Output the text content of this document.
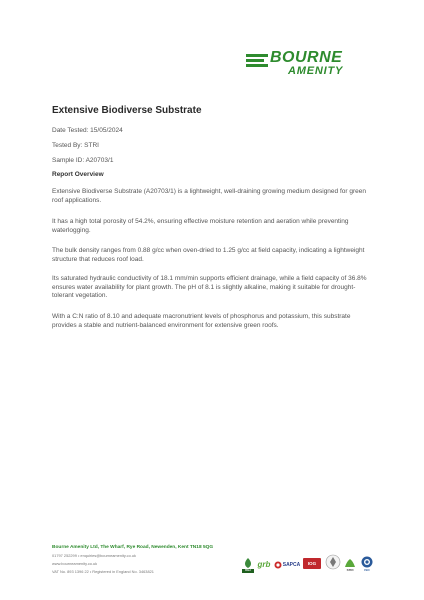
BOURNE
AMENITY
Extensive Biodiverse Substrate
Date Tested: 15/05/2024
Tested By: STRI
Sample ID: A20703/1
Report Overview

Extensive Biodiverse Substrate (A20703/1) is a lightweight, well-draining growing medium designed for green roof applications.

It has a high total porosity of 54.2%, ensuring effective moisture retention and aeration while preventing waterlogging.

The bulk density ranges from 0.88 g/cc when oven-dried to 1.25 g/cc at field capacity, indicating a lightweight structure that reduces roof load.

Its saturated hydraulic conductivity of 18.1 mm/min supports efficient drainage, while a field capacity of 36.8% ensures water availability for plant growth. The pH of 8.1 is slightly alkaline, making it suitable for drought-tolerant vegetation.

With a C:N ratio of 8.10 and adequate macronutrient levels of phosphorus and potassium, this substrate provides a stable and nutrient-balanced environment for extensive green roofs.

Bourne Amenity Ltd, The Wharf, Rye Road, Newenden, Kent TN18 5QG
01797 252299 • enquiries@bourneamenity.co.uk
www.bourneamenity.co.uk
VAT No. 893 1396 22 • Registered in England No. 3463821	BALI
grb SAPCA IOG
STRI	ISO
